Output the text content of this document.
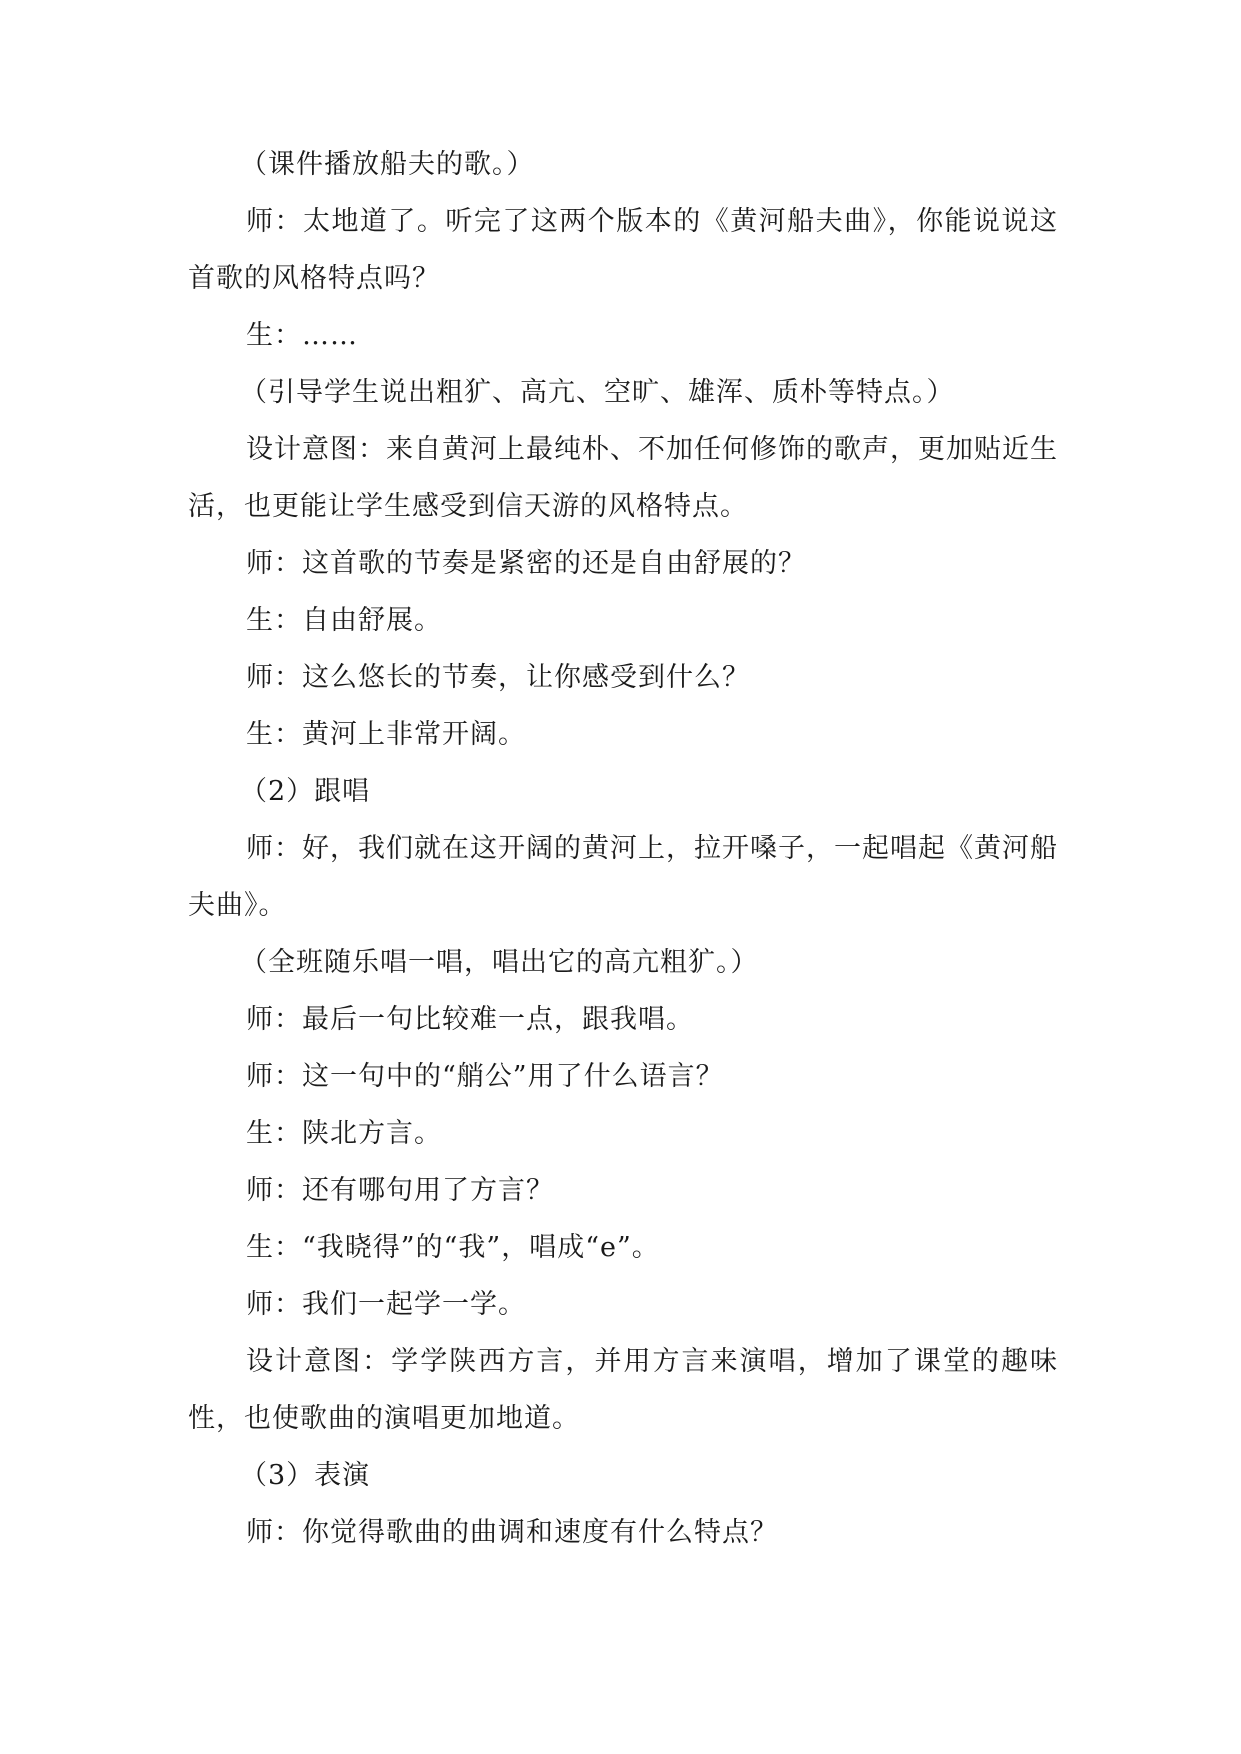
（课件播放船夫的歌。）

师：太地道了。听完了这两个版本的《黄河船夫曲》，你能说说这首歌的风格特点吗？

生：……

（引导学生说出粗犷、高亢、空旷、雄浑、质朴等特点。）

设计意图：来自黄河上最纯朴、不加任何修饰的歌声，更加贴近生活，也更能让学生感受到信天游的风格特点。

师：这首歌的节奏是紧密的还是自由舒展的？

生：自由舒展。

师：这么悠长的节奏，让你感受到什么？

生：黄河上非常开阔。

（2）跟唱

师：好，我们就在这开阔的黄河上，拉开嗓子，一起唱起《黄河船夫曲》。

（全班随乐唱一唱，唱出它的高亢粗犷。）

师：最后一句比较难一点，跟我唱。

师：这一句中的“艄公”用了什么语言？

生：陕北方言。

师：还有哪句用了方言？

生：“我晓得”的“我”，唱成“e”。

师：我们一起学一学。

设计意图：学学陕西方言，并用方言来演唱，增加了课堂的趣味性，也使歌曲的演唱更加地道。

（3）表演

师：你觉得歌曲的曲调和速度有什么特点？
